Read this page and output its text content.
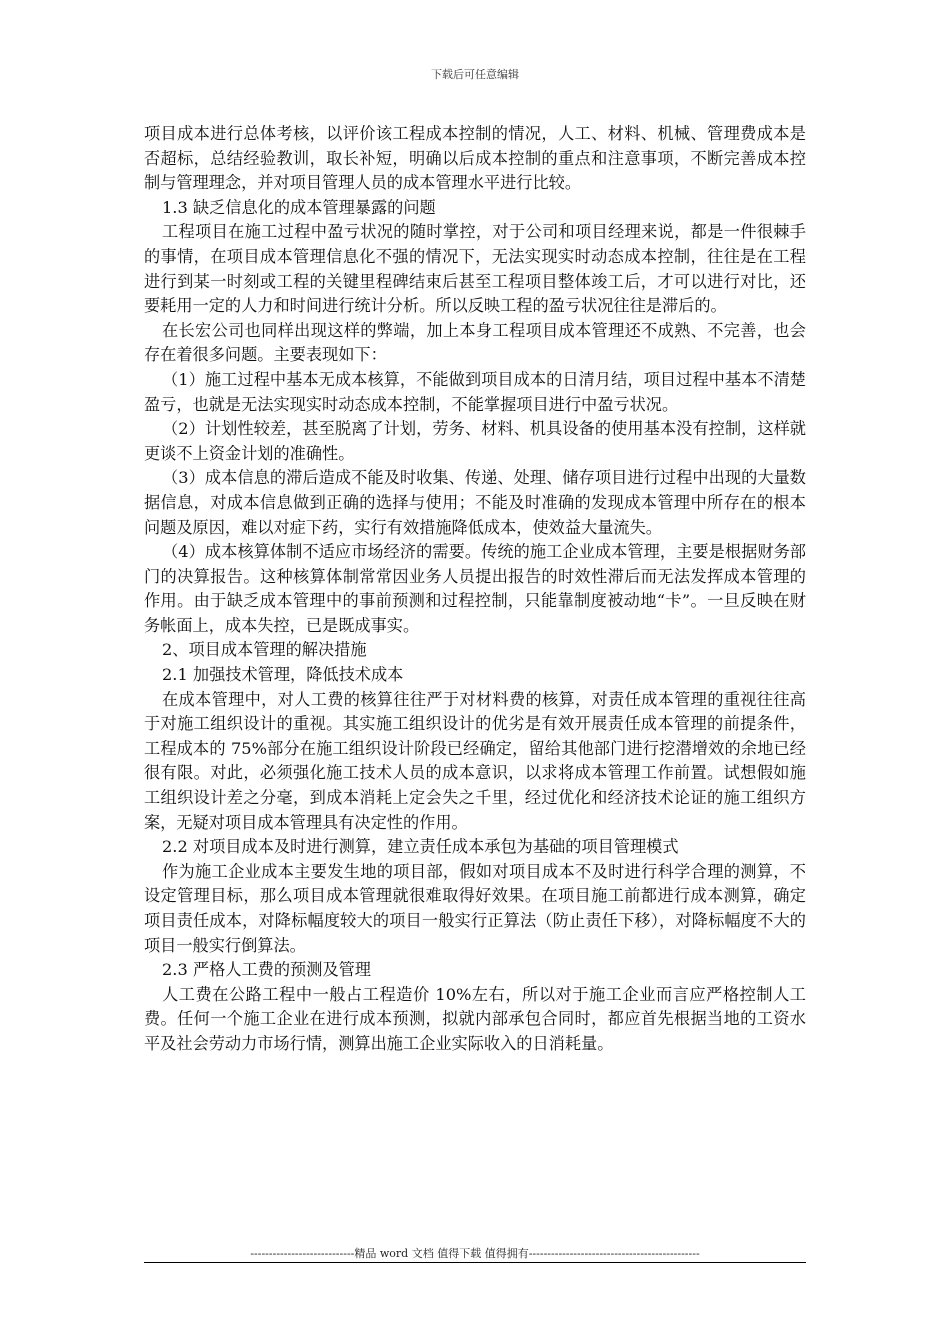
下载后可任意编辑

项目成本进行总体考核，以评价该工程成本控制的情况，人工、材料、机械、管理费成本是否超标，总结经验教训，取长补短，明确以后成本控制的重点和注意事项，不断完善成本控制与管理理念，并对项目管理人员的成本管理水平进行比较。

1.3 缺乏信息化的成本管理暴露的问题

工程项目在施工过程中盈亏状况的随时掌控，对于公司和项目经理来说，都是一件很棘手的事情，在项目成本管理信息化不强的情况下，无法实现实时动态成本控制，往往是在工程进行到某一时刻或工程的关键里程碑结束后甚至工程项目整体竣工后，才可以进行对比，还要耗用一定的人力和时间进行统计分析。所以反映工程的盈亏状况往往是滞后的。

在长宏公司也同样出现这样的弊端，加上本身工程项目成本管理还不成熟、不完善，也会存在着很多问题。主要表现如下：

（1）施工过程中基本无成本核算，不能做到项目成本的日清月结，项目过程中基本不清楚盈亏，也就是无法实现实时动态成本控制，不能掌握项目进行中盈亏状况。

（2）计划性较差，甚至脱离了计划，劳务、材料、机具设备的使用基本没有控制，这样就更谈不上资金计划的准确性。

（3）成本信息的滞后造成不能及时收集、传递、处理、储存项目进行过程中出现的大量数据信息，对成本信息做到正确的选择与使用；不能及时准确的发现成本管理中所存在的根本问题及原因，难以对症下药，实行有效措施降低成本，使效益大量流失。

（4）成本核算体制不适应市场经济的需要。传统的施工企业成本管理，主要是根据财务部门的决算报告。这种核算体制常常因业务人员提出报告的时效性滞后而无法发挥成本管理的作用。由于缺乏成本管理中的事前预测和过程控制，只能靠制度被动地“卡”。一旦反映在财务帐面上，成本失控，已是既成事实。

2、项目成本管理的解决措施

2.1 加强技术管理，降低技术成本

在成本管理中，对人工费的核算往往严于对材料费的核算，对责任成本管理的重视往往高于对施工组织设计的重视。其实施工组织设计的优劣是有效开展责任成本管理的前提条件，工程成本的 75%部分在施工组织设计阶段已经确定，留给其他部门进行挖潜增效的余地已经很有限。对此，必须强化施工技术人员的成本意识，以求将成本管理工作前置。试想假如施工组织设计差之分毫，到成本消耗上定会失之千里，经过优化和经济技术论证的施工组织方案，无疑对项目成本管理具有决定性的作用。

2.2 对项目成本及时进行测算，建立责任成本承包为基础的项目管理模式

作为施工企业成本主要发生地的项目部，假如对项目成本不及时进行科学合理的测算，不设定管理目标，那么项目成本管理就很难取得好效果。在项目施工前都进行成本测算，确定项目责任成本，对降标幅度较大的项目一般实行正算法（防止责任下移），对降标幅度不大的项目一般实行倒算法。

2.3 严格人工费的预测及管理

人工费在公路工程中一般占工程造价 10%左右，所以对于施工企业而言应严格控制人工费。任何一个施工企业在进行成本预测，拟就内部承包合同时，都应首先根据当地的工资水平及社会劳动力市场行情，测算出施工企业实际收入的日消耗量。

----------------------------精品 word 文档 值得下载 值得拥有----------------------------------------------
